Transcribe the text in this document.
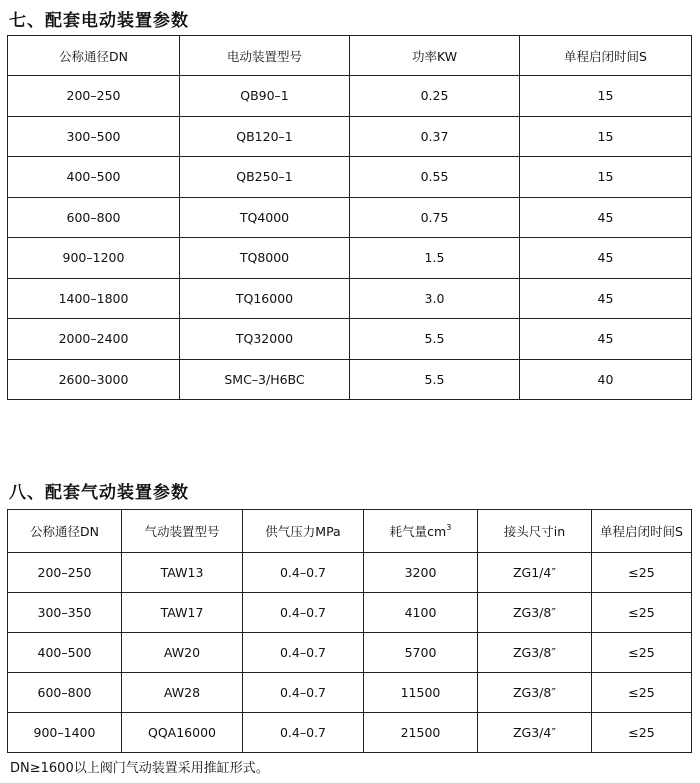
七、配套电动装置参数
公称通径DN	电动装置型号	功率KW	单程启闭时间S
200–250	QB90–1	0.25	15
300–500	QB120–1	0.37	15
400–500	QB250–1	0.55	15
600–800	TQ4000	0.75	45
900–1200	TQ8000	1.5	45
1400–1800	TQ16000	3.0	45
2000–2400	TQ32000	5.5	45
2600–3000	SMC–3/H6BC	5.5	40
八、配套气动装置参数
公称通径DN	气动装置型号	供气压力MPa	耗气量$cm^3$	接头尺寸in	单程启闭时间S
200–250	TAW13	0.4–0.7	3200	ZG1/4″	≤25
300–350	TAW17	0.4–0.7	4100	ZG3/8″	≤25
400–500	AW20	0.4–0.7	5700	ZG3/8″	≤25
600–800	AW28	0.4–0.7	11500	ZG3/8″	≤25
900–1400	QQA16000	0.4–0.7	21500	ZG3/4″	≤25
DN≥1600以上阀门气动装置采用推缸形式。
